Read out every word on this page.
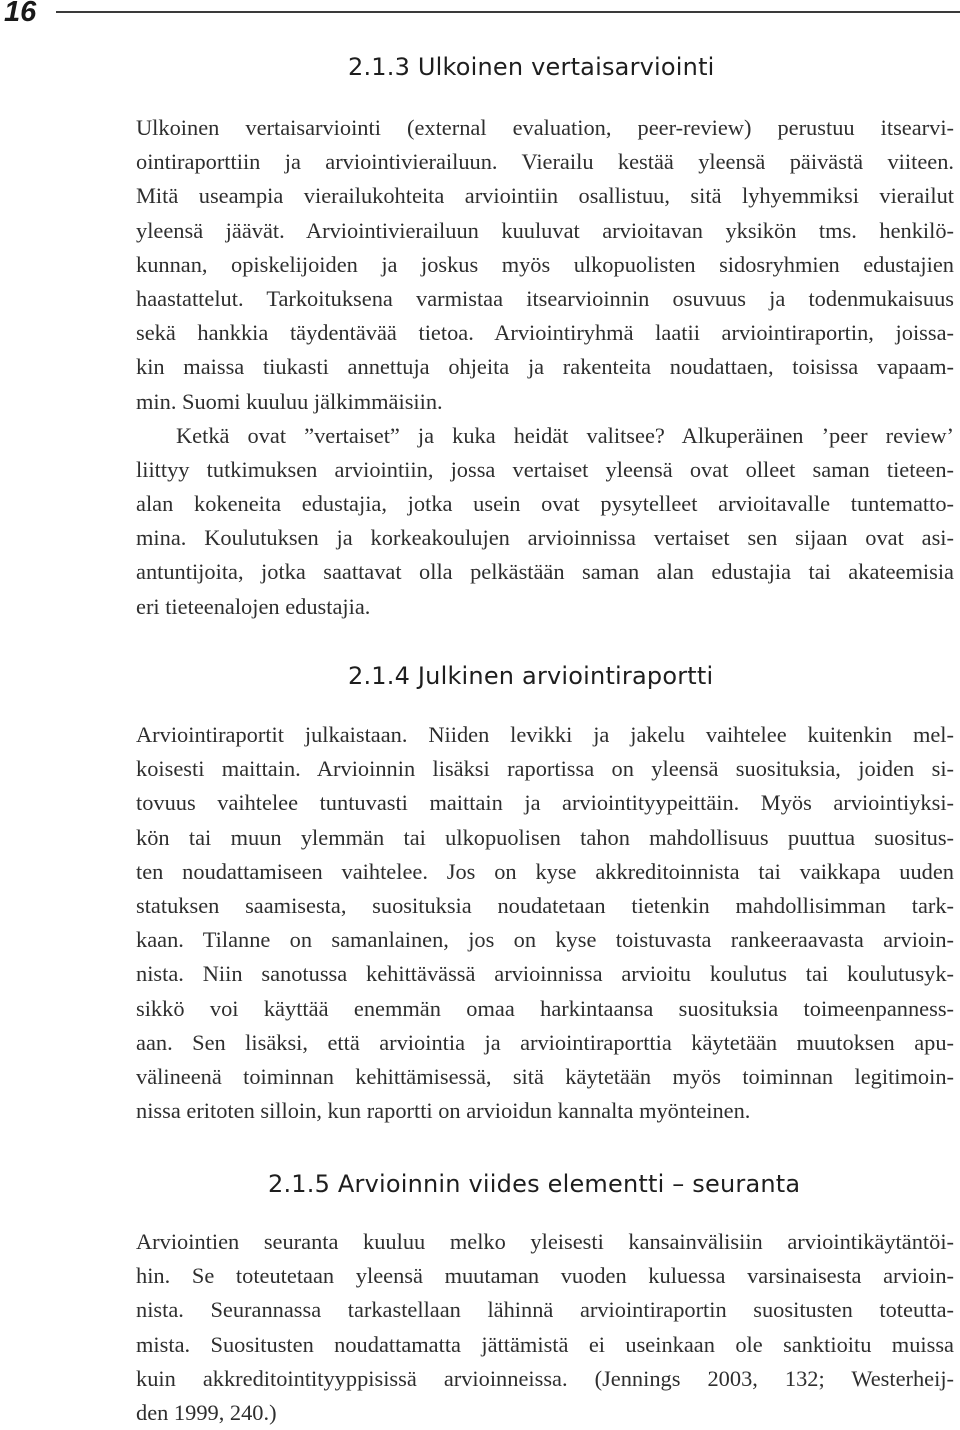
16
2.1.3 Ulkoinen vertaisarviointi
Ulkoinen vertaisarviointi (external evaluation, peer-review) perustuu itsearvi-
ointiraporttiin ja arviointivierailuun. Vierailu kestää yleensä päivästä viiteen.
Mitä useampia vierailukohteita arviointiin osallistuu, sitä lyhyemmiksi vierailut
yleensä jäävät. Arviointivierailuun kuuluvat arvioitavan yksikön tms. henkilö-
kunnan, opiskelijoiden ja joskus myös ulkopuolisten sidosryhmien edustajien
haastattelut. Tarkoituksena varmistaa itsearvioinnin osuvuus ja todenmukaisuus
sekä hankkia täydentävää tietoa. Arviointiryhmä laatii arviointiraportin, joissa-
kin maissa tiukasti annettuja ohjeita ja rakenteita noudattaen, toisissa vapaam-
min. Suomi kuuluu jälkimmäisiin.
Ketkä ovat ”vertaiset” ja kuka heidät valitsee? Alkuperäinen ’peer review’
liittyy tutkimuksen arviointiin, jossa vertaiset yleensä ovat olleet saman tieteen-
alan kokeneita edustajia, jotka usein ovat pysytelleet arvioitavalle tuntematto-
mina. Koulutuksen ja korkeakoulujen arvioinnissa vertaiset sen sijaan ovat asi-
antuntijoita, jotka saattavat olla pelkästään saman alan edustajia tai akateemisia
eri tieteenalojen edustajia.
2.1.4 Julkinen arviointiraportti
Arviointiraportit julkaistaan. Niiden levikki ja jakelu vaihtelee kuitenkin mel-
koisesti maittain. Arvioinnin lisäksi raportissa on yleensä suosituksia, joiden si-
tovuus vaihtelee tuntuvasti maittain ja arviointityypeittäin. Myös arviointiyksi-
kön tai muun ylemmän tai ulkopuolisen tahon mahdollisuus puuttua suositus-
ten noudattamiseen vaihtelee. Jos on kyse akkreditoinnista tai vaikkapa uuden
statuksen saamisesta, suosituksia noudatetaan tietenkin mahdollisimman tark-
kaan. Tilanne on samanlainen, jos on kyse toistuvasta rankeeraavasta arvioin-
nista. Niin sanotussa kehittävässä arvioinnissa arvioitu koulutus tai koulutusyk-
sikkö voi käyttää enemmän omaa harkintaansa suosituksia toimeenpanness-
aan. Sen lisäksi, että arviointia ja arviointiraporttia käytetään muutoksen apu-
välineenä toiminnan kehittämisessä, sitä käytetään myös toiminnan legitimoin-
nissa eritoten silloin, kun raportti on arvioidun kannalta myönteinen.
2.1.5 Arvioinnin viides elementti – seuranta
Arviointien seuranta kuuluu melko yleisesti kansainvälisiin arviointikäytäntöi-
hin. Se toteutetaan yleensä muutaman vuoden kuluessa varsinaisesta arvioin-
nista. Seurannassa tarkastellaan lähinnä arviointiraportin suositusten toteutta-
mista. Suositusten noudattamatta jättämistä ei useinkaan ole sanktioitu muissa
kuin akkreditointityyppisissä arvioinneissa. (Jennings 2003, 132; Westerheij-
den 1999, 240.)
